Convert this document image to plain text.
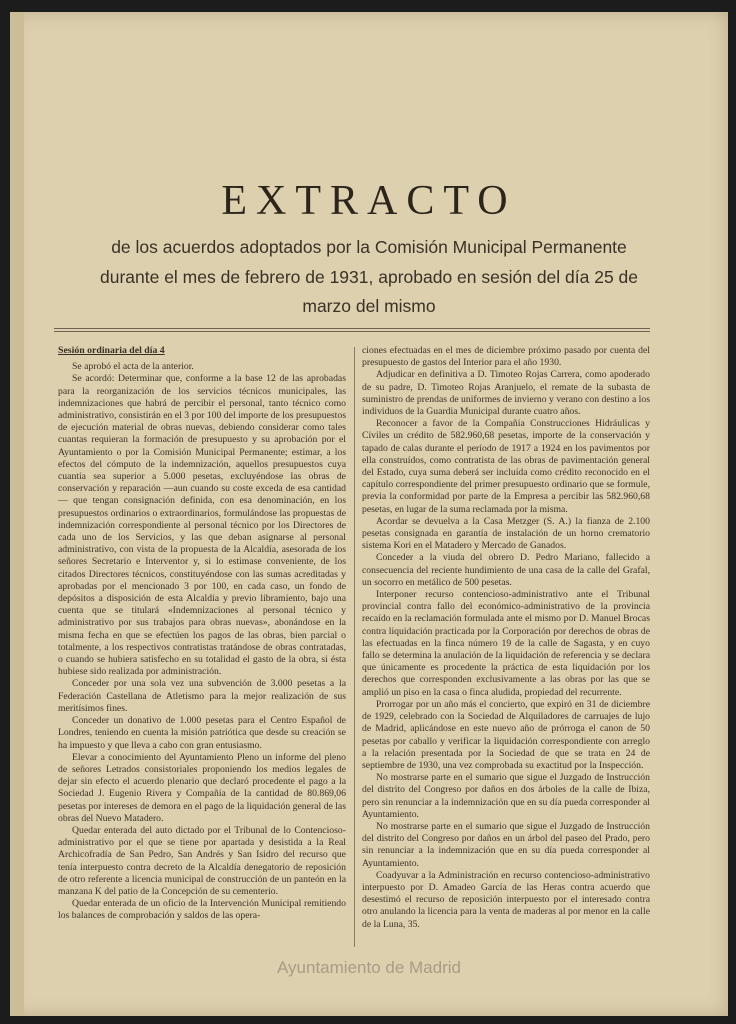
EXTRACTO
de los acuerdos adoptados por la Comisión Municipal Permanente
durante el mes de febrero de 1931, aprobado en sesión del día 25 de
marzo del mismo

Sesión ordinaria del día 4

Se aprobó el acta de la anterior.

Se acordó: Determinar que, conforme a la base 12 de las aprobadas para la reorganización de los servicios técnicos municipales, las indemnizaciones que habrá de percibir el personal, tanto técnico como administrativo, consistirán en el 3 por 100 del importe de los presupuestos de ejecución material de obras nuevas, debiendo considerar como tales cuantas requieran la formación de presupuesto y su aprobación por el Ayuntamiento o por la Comisión Municipal Permanente; estimar, a los efectos del cómputo de la indemnización, aquellos presupuestos cuya cuantía sea superior a 5.000 pesetas, excluyéndose las obras de conservación y reparación —aun cuando su coste exceda de esa cantidad— que tengan consignación definida, con esa denominación, en los presupuestos ordinarios o extraordinarios, formulándose las propuestas de indemnización correspondiente al personal técnico por los Directores de cada uno de los Servicios, y las que deban asignarse al personal administrativo, con vista de la propuesta de la Alcaldía, asesorada de los señores Secretario e Interventor y, si lo estimase conveniente, de los citados Directores técnicos, constituyéndose con las sumas acreditadas y aprobadas por el mencionado 3 por 100, en cada caso, un fondo de depósitos a disposición de esta Alcaldía y previo libramiento, bajo una cuenta que se titulará «Indemnizaciones al personal técnico y administrativo por sus trabajos para obras nuevas», abonándose en la misma fecha en que se efectúen los pagos de las obras, bien parcial o totalmente, a los respectivos contratistas tratándose de obras contratadas, o cuando se hubiera satisfecho en su totalidad el gasto de la obra, si ésta hubiese sido realizada por administración.

Conceder por una sola vez una subvención de 3.000 pesetas a la Federación Castellana de Atletismo para la mejor realización de sus meritísimos fines.

Conceder un donativo de 1.000 pesetas para el Centro Español de Londres, teniendo en cuenta la misión patriótica que desde su creación se ha impuesto y que lleva a cabo con gran entusiasmo.

Elevar a conocimiento del Ayuntamiento Pleno un informe del pleno de señores Letrados consistoriales proponiendo los medios legales de dejar sin efecto el acuerdo plenario que declaró procedente el pago a la Sociedad J. Eugenio Rivera y Compañía de la cantidad de 80.869,06 pesetas por intereses de demora en el pago de la liquidación general de las obras del Nuevo Matadero.

Quedar enterada del auto dictado por el Tribunal de lo Contencioso-administrativo por el que se tiene por apartada y desistida a la Real Archicofradía de San Pedro, San Andrés y San Isidro del recurso que tenía interpuesto contra decreto de la Alcaldía denegatorio de reposición de otro referente a licencia municipal de construcción de un panteón en la manzana K del patio de la Concepción de su cementerio.

Quedar enterada de un oficio de la Intervención Municipal remitiendo los balances de comprobación y saldos de las opera-

ciones efectuadas en el mes de diciembre próximo pasado por cuenta del presupuesto de gastos del Interior para el año 1930.

Adjudicar en definitiva a D. Timoteo Rojas Carrera, como apoderado de su padre, D. Timoteo Rojas Aranjuelo, el remate de la subasta de suministro de prendas de uniformes de invierno y verano con destino a los individuos de la Guardia Municipal durante cuatro años.

Reconocer a favor de la Compañía Construcciones Hidráulicas y Civiles un crédito de 582.960,68 pesetas, importe de la conservación y tapado de calas durante el período de 1917 a 1924 en los pavimentos por ella construídos, como contratista de las obras de pavimentación general del Estado, cuya suma deberá ser incluída como crédito reconocido en el capítulo correspondiente del primer presupuesto ordinario que se formule, previa la conformidad por parte de la Empresa a percibir las 582.960,68 pesetas, en lugar de la suma reclamada por la misma.

Acordar se devuelva a la Casa Metzger (S. A.) la fianza de 2.100 pesetas consignada en garantía de instalación de un horno crematorio sistema Kori en el Matadero y Mercado de Ganados.

Conceder a la viuda del obrero D. Pedro Mariano, fallecido a consecuencia del reciente hundimiento de una casa de la calle del Grafal, un socorro en metálico de 500 pesetas.

Interponer recurso contencioso-administrativo ante el Tribunal provincial contra fallo del económico-administrativo de la provincia recaído en la reclamación formulada ante el mismo por D. Manuel Brocas contra liquidación practicada por la Corporación por derechos de obras de las efectuadas en la finca número 19 de la calle de Sagasta, y en cuyo fallo se determina la anulación de la liquidación de referencia y se declara que únicamente es procedente la práctica de esta liquidación por los derechos que corresponden exclusivamente a las obras por las que se amplió un piso en la casa o finca aludida, propiedad del recurrente.

Prorrogar por un año más el concierto, que expiró en 31 de diciembre de 1929, celebrado con la Sociedad de Alquiladores de carruajes de lujo de Madrid, aplicándose en este nuevo año de prórroga el canon de 50 pesetas por caballo y verificar la liquidación correspondiente con arreglo a la relación presentada por la Sociedad de que se trata en 24 de septiembre de 1930, una vez comprobada su exactitud por la Inspección.

No mostrarse parte en el sumario que sigue el Juzgado de Instrucción del distrito del Congreso por daños en dos árboles de la calle de Ibiza, pero sin renunciar a la indemnización que en su día pueda corresponder al Ayuntamiento.

No mostrarse parte en el sumario que sigue el Juzgado de Instrucción del distrito del Congreso por daños en un árbol del paseo del Prado, pero sin renunciar a la indemnización que en su día pueda corresponder al Ayuntamiento.

Coadyuvar a la Administración en recurso contencioso-administrativo interpuesto por D. Amadeo García de las Heras contra acuerdo que desestimó el recurso de reposición interpuesto por el interesado contra otro anulando la licencia para la venta de maderas al por menor en la calle de la Luna, 35.

Ayuntamiento de Madrid
